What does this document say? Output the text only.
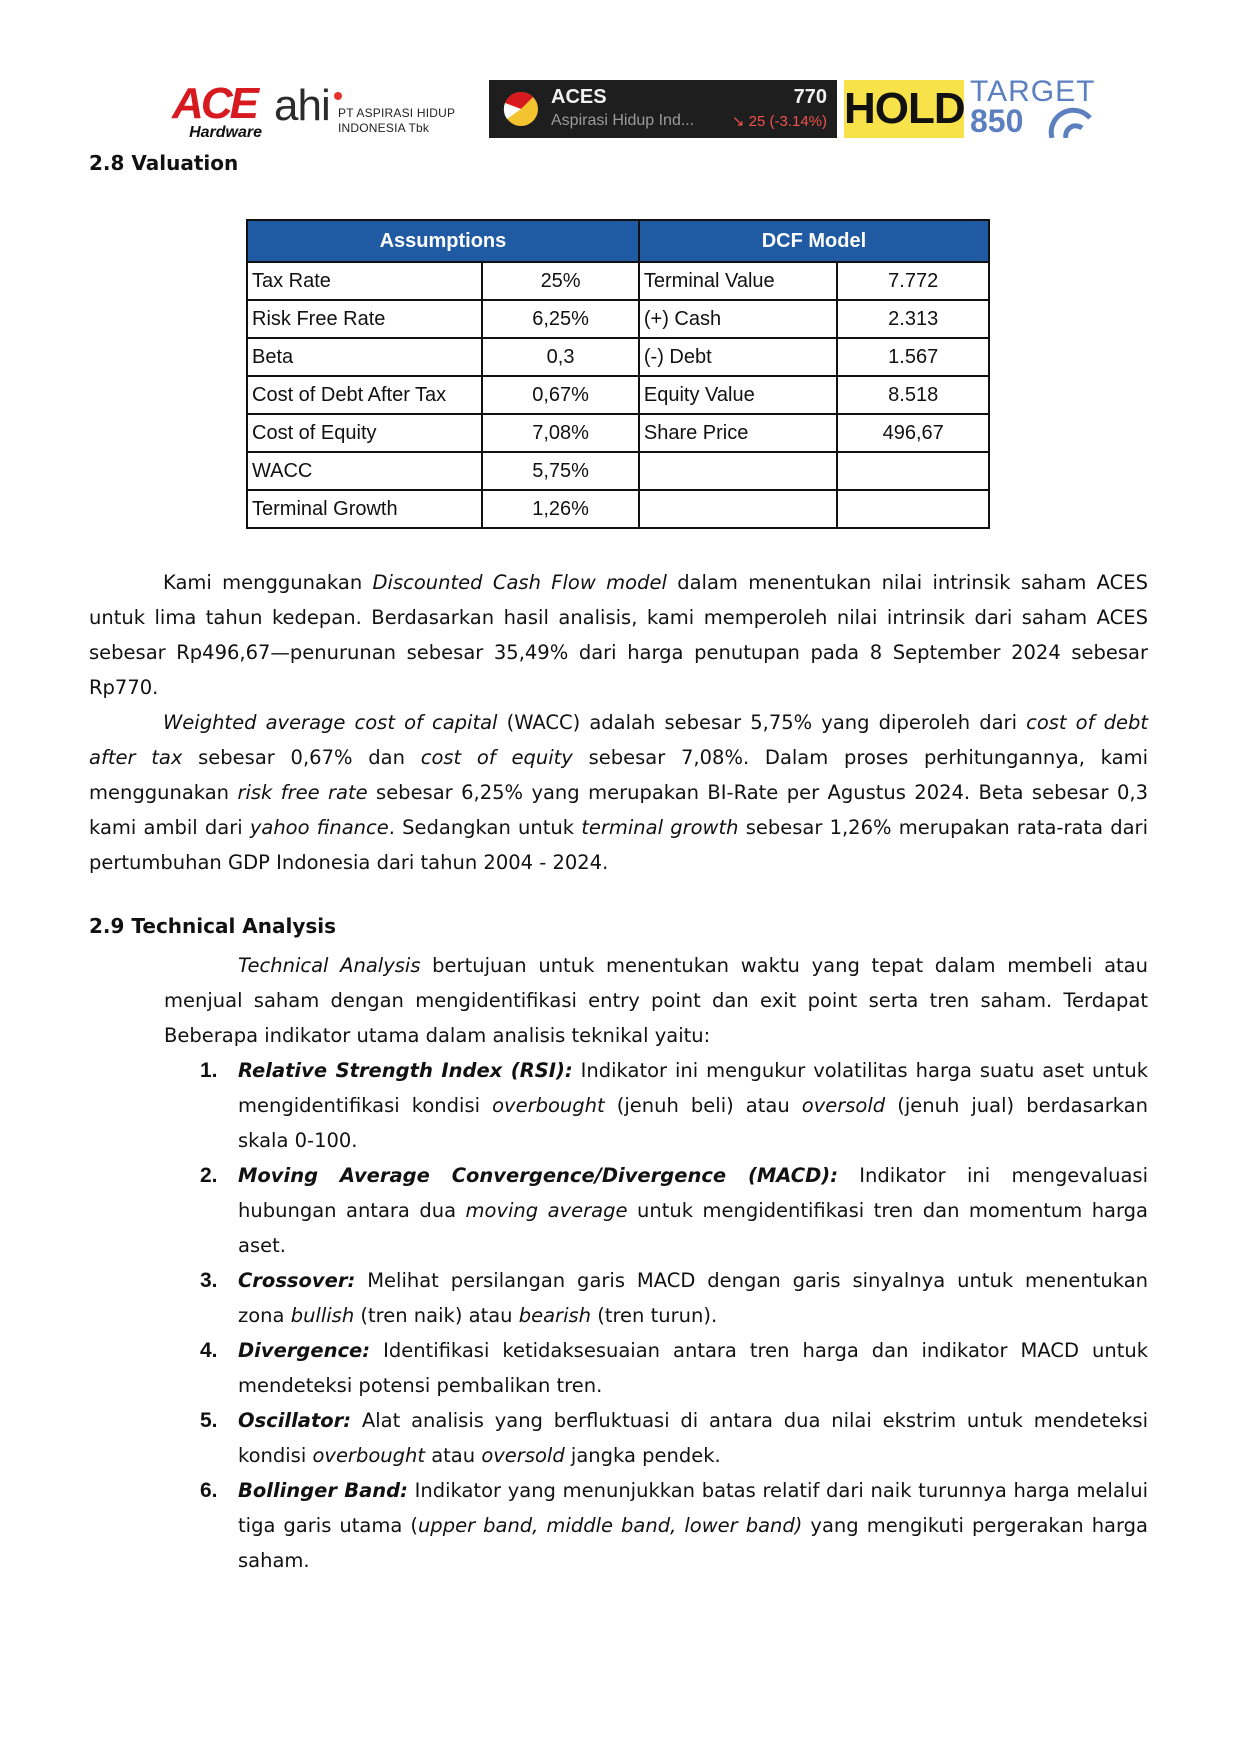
ACE
Hardware
ahi PT ASPIRASI HIDUP
INDONESIA Tbk
ACES	770
Aspirasi Hidup Ind...	↘ 25 (-3.14%) HOLD TARGET
850
2.8 Valuation
Assumptions		DCF Model	
Tax Rate	25%	Terminal Value	7.772
Risk Free Rate	6,25%	(+) Cash	2.313
Beta	0,3	(-) Debt	1.567
Cost of Debt After Tax	0,67%	Equity Value	8.518
Cost of Equity	7,08%	Share Price	496,67
WACC	5,75%		
Terminal Growth	1,26%		

Kami menggunakan Discounted Cash Flow model dalam menentukan nilai intrinsik saham ACES untuk lima tahun kedepan. Berdasarkan hasil analisis, kami memperoleh nilai intrinsik dari saham ACES sebesar Rp496,67—penurunan sebesar 35,49% dari harga penutupan pada 8 September 2024 sebesar Rp770.

Weighted average cost of capital (WACC) adalah sebesar 5,75% yang diperoleh dari cost of debt after tax sebesar 0,67% dan cost of equity sebesar 7,08%. Dalam proses perhitungannya, kami menggunakan risk free rate sebesar 6,25% yang merupakan BI-Rate per Agustus 2024. Beta sebesar 0,3 kami ambil dari yahoo finance. Sedangkan untuk terminal growth sebesar 1,26% merupakan rata-rata dari pertumbuhan GDP Indonesia dari tahun 2004 - 2024.

2.9 Technical Analysis

Technical Analysis bertujuan untuk menentukan waktu yang tepat dalam membeli atau menjual saham dengan mengidentifikasi entry point dan exit point serta tren saham. Terdapat Beberapa indikator utama dalam analisis teknikal yaitu:

1. Relative Strength Index (RSI): Indikator ini mengukur volatilitas harga suatu aset untuk mengidentifikasi kondisi overbought (jenuh beli) atau oversold (jenuh jual) berdasarkan skala 0-100.
2. Moving Average Convergence/Divergence (MACD): Indikator ini mengevaluasi hubungan antara dua moving average untuk mengidentifikasi tren dan momentum harga aset.
3. Crossover: Melihat persilangan garis MACD dengan garis sinyalnya untuk menentukan zona bullish (tren naik) atau bearish (tren turun).
4. Divergence: Identifikasi ketidaksesuaian antara tren harga dan indikator MACD untuk mendeteksi potensi pembalikan tren.
5. Oscillator: Alat analisis yang berfluktuasi di antara dua nilai ekstrim untuk mendeteksi kondisi overbought atau oversold jangka pendek.
6. Bollinger Band: Indikator yang menunjukkan batas relatif dari naik turunnya harga melalui tiga garis utama (upper band, middle band, lower band) yang mengikuti pergerakan harga saham.
